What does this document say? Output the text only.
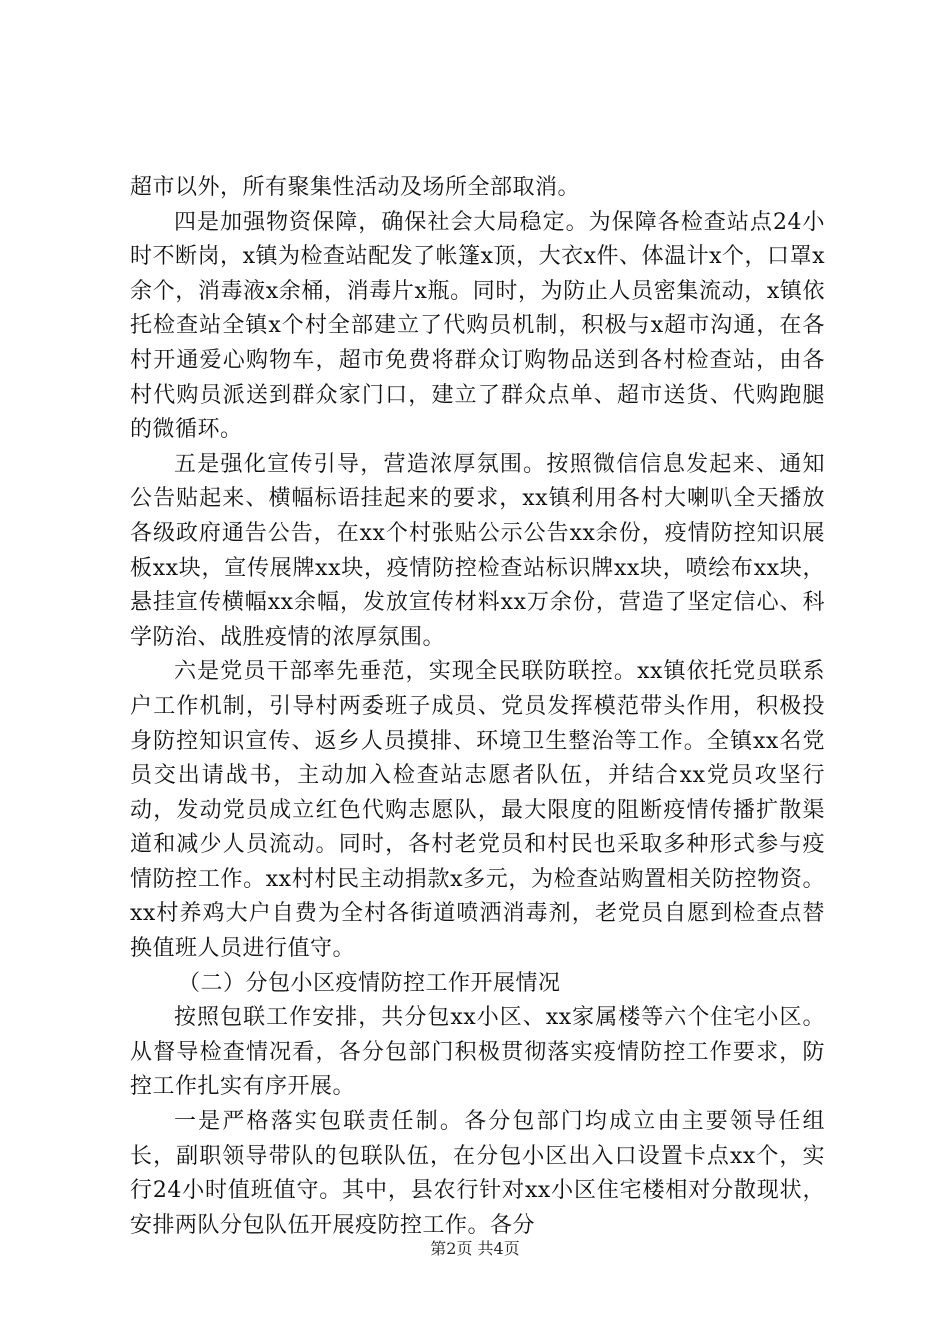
超市以外，所有聚集性活动及场所全部取消。

四是加强物资保障，确保社会大局稳定。为保障各检查站点24小时不断岗，x镇为检查站配发了帐篷x顶，大衣x件、体温计x个，口罩x余个，消毒液x余桶，消毒片x瓶。同时，为防止人员密集流动，x镇依托检查站全镇x个村全部建立了代购员机制，积极与x超市沟通，在各村开通爱心购物车，超市免费将群众订购物品送到各村检查站，由各村代购员派送到群众家门口，建立了群众点单、超市送货、代购跑腿的微循环。

五是强化宣传引导，营造浓厚氛围。按照微信信息发起来、通知公告贴起来、横幅标语挂起来的要求，xx镇利用各村大喇叭全天播放各级政府通告公告，在xx个村张贴公示公告xx余份，疫情防控知识展板xx块，宣传展牌xx块，疫情防控检查站标识牌xx块，喷绘布xx块，悬挂宣传横幅xx余幅，发放宣传材料xx万余份，营造了坚定信心、科学防治、战胜疫情的浓厚氛围。

六是党员干部率先垂范，实现全民联防联控。xx镇依托党员联系户工作机制，引导村两委班子成员、党员发挥模范带头作用，积极投身防控知识宣传、返乡人员摸排、环境卫生整治等工作。全镇xx名党员交出请战书，主动加入检查站志愿者队伍，并结合xx党员攻坚行动，发动党员成立红色代购志愿队，最大限度的阻断疫情传播扩散渠道和减少人员流动。同时，各村老党员和村民也采取多种形式参与疫情防控工作。xx村村民主动捐款x多元，为检查站购置相关防控物资。xx村养鸡大户自费为全村各街道喷洒消毒剂，老党员自愿到检查点替换值班人员进行值守。

（二）分包小区疫情防控工作开展情况

按照包联工作安排，共分包xx小区、xx家属楼等六个住宅小区。从督导检查情况看，各分包部门积极贯彻落实疫情防控工作要求，防控工作扎实有序开展。

一是严格落实包联责任制。各分包部门均成立由主要领导任组长，副职领导带队的包联队伍，在分包小区出入口设置卡点xx个，实行24小时值班值守。其中，县农行针对xx小区住宅楼相对分散现状，安排两队分包队伍开展疫防控工作。各分

第2页 共4页
